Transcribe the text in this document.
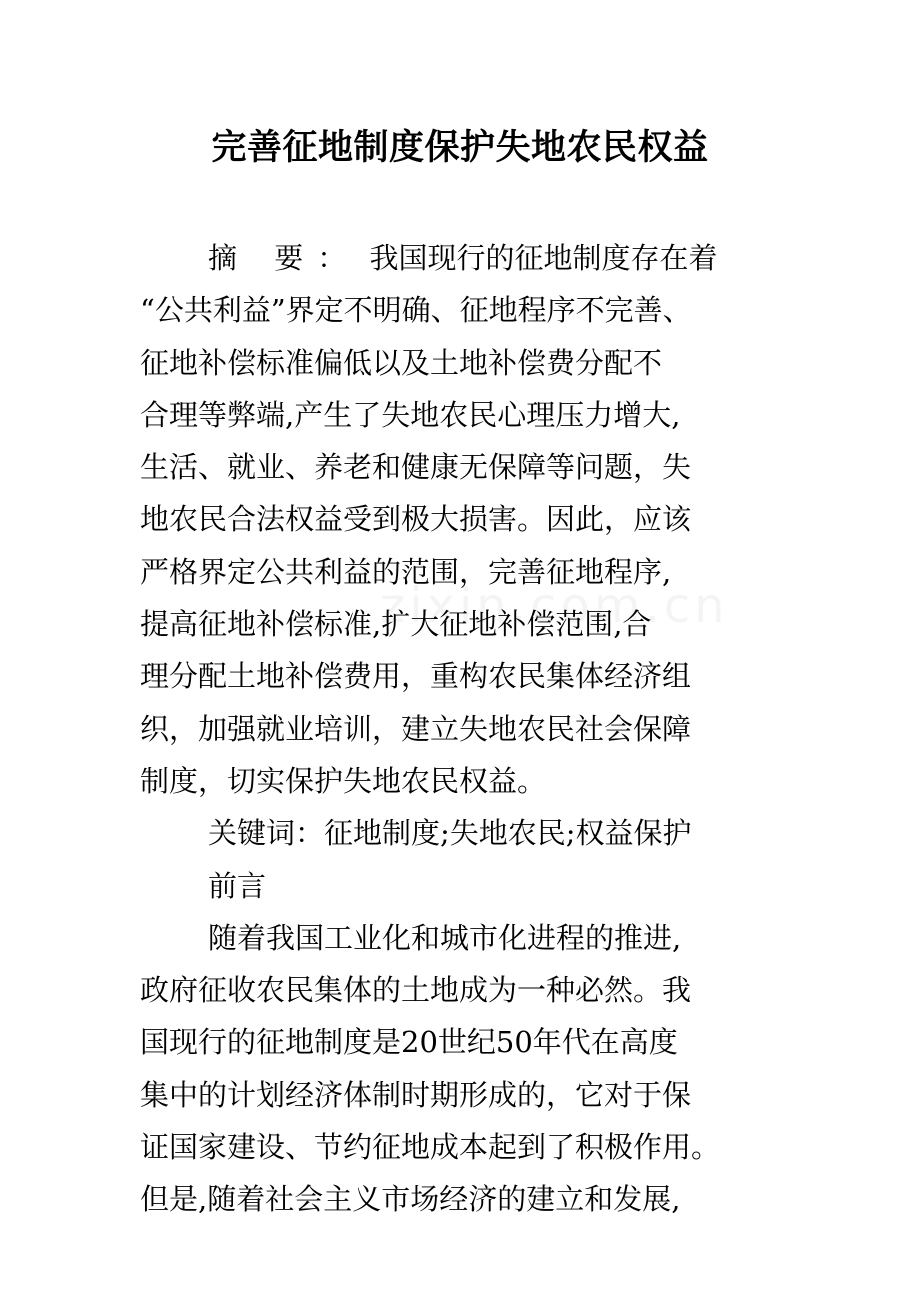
完善征地制度保护失地农民权益
摘 要： 我国现行的征地制度存在着
“公共利益”界定不明确、征地程序不完善、
征地补偿标准偏低以及土地补偿费分配不
合理等弊端,产生了失地农民心理压力增大,
生活、就业、养老和健康无保障等问题，失
地农民合法权益受到极大损害。因此，应该
严格界定公共利益的范围，完善征地程序,
提高征地补偿标准,扩大征地补偿范围,合
理分配土地补偿费用，重构农民集体经济组
织，加强就业培训，建立失地农民社会保障
制度，切实保护失地农民权益。
关键词：征地制度;失地农民;权益保护
前言
随着我国工业化和城市化进程的推进,
政府征收农民集体的土地成为一种必然。我
国现行的征地制度是20世纪50年代在高度
集中的计划经济体制时期形成的，它对于保
证国家建设、节约征地成本起到了积极作用。
但是,随着社会主义市场经济的建立和发展,
